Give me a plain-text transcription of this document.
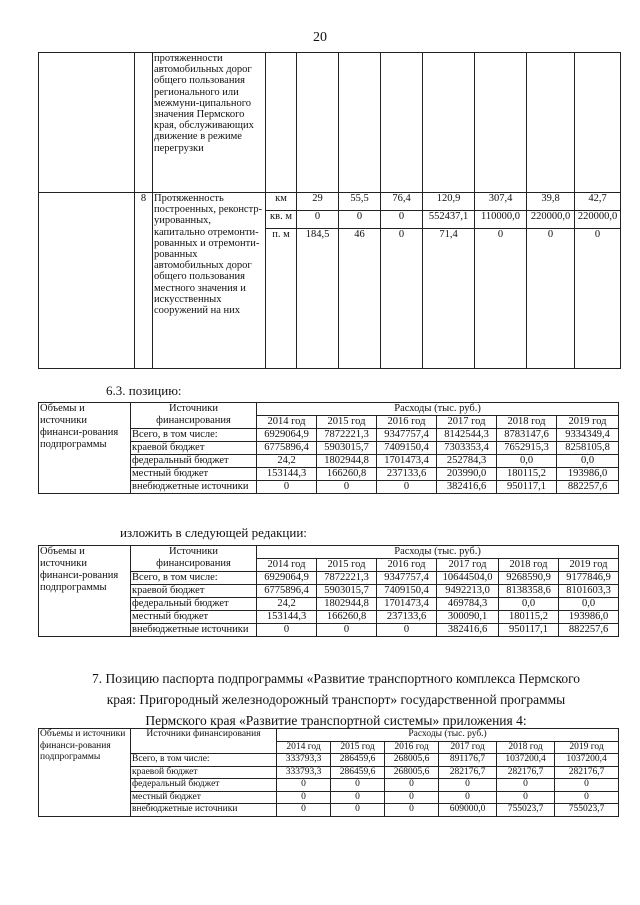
20
		протяженности автомобильных дорог общего пользования регионального или межмуни-ципального значения Пермского края, обслуживающих движение в режиме перегрузки								
	8	Протяженность построенных, реконстр-уированных, капитально отремонти-рованных и отремонти-рованных автомобильных дорог общего пользования местного значения и искусственных сооружений на них	км	29	55,5	76,4	120,9	307,4	39,8	42,7
			кв. м	0	0	0	552437,1	110000,0	220000,0	220000,0
			п. м	184,5	46	0	71,4	0	0	0
6.3. позицию:
Объемы и источники финанси-рования подпрограммы	Источники финансирования	Расходы (тыс. руб.)					
		2014 год	2015 год	2016 год	2017 год	2018 год	2019 год
	Всего, в том числе:	6929064,9	7872221,3	9347757,4	8142544,3	8783147,6	9334349,4
	краевой бюджет	6775896,4	5903015,7	7409150,4	7303353,4	7652915,3	8258105,8
	федеральный бюджет	24,2	1802944,8	1701473,4	252784,3	0,0	0,0
	местный бюджет	153144,3	166260,8	237133,6	203990,0	180115,2	193986,0
	внебюджетные источники	0	0	0	382416,6	950117,1	882257,6
изложить в следующей редакции:
Объемы и источники финанси-рования подпрограммы	Источники финансирования	Расходы (тыс. руб.)					
		2014 год	2015 год	2016 год	2017 год	2018 год	2019 год
	Всего, в том числе:	6929064,9	7872221,3	9347757,4	10644504,0	9268590,9	9177846,9
	краевой бюджет	6775896,4	5903015,7	7409150,4	9492213,0	8138358,6	8101603,3
	федеральный бюджет	24,2	1802944,8	1701473,4	469784,3	0,0	0,0
	местный бюджет	153144,3	166260,8	237133,6	300090,1	180115,2	193986,0
	внебюджетные источники	0	0	0	382416,6	950117,1	882257,6
7. Позицию паспорта подпрограммы «Развитие транспортного комплекса Пермского края: Пригородный железнодорожный транспорт» государственной программы Пермского края «Развитие транспортной системы» приложения 4:
Объемы и источники финанси-рования подпрограммы	Источники финансирования	Расходы (тыс. руб.)					
		2014 год	2015 год	2016 год	2017 год	2018 год	2019 год
	Всего, в том числе:	333793,3	286459,6	268005,6	891176,7	1037200,4	1037200,4
	краевой бюджет	333793,3	286459,6	268005,6	282176,7	282176,7	282176,7
	федеральный бюджет	0	0	0	0	0	0
	местный бюджет	0	0	0	0	0	0
	внебюджетные источники	0	0	0	609000,0	755023,7	755023,7
